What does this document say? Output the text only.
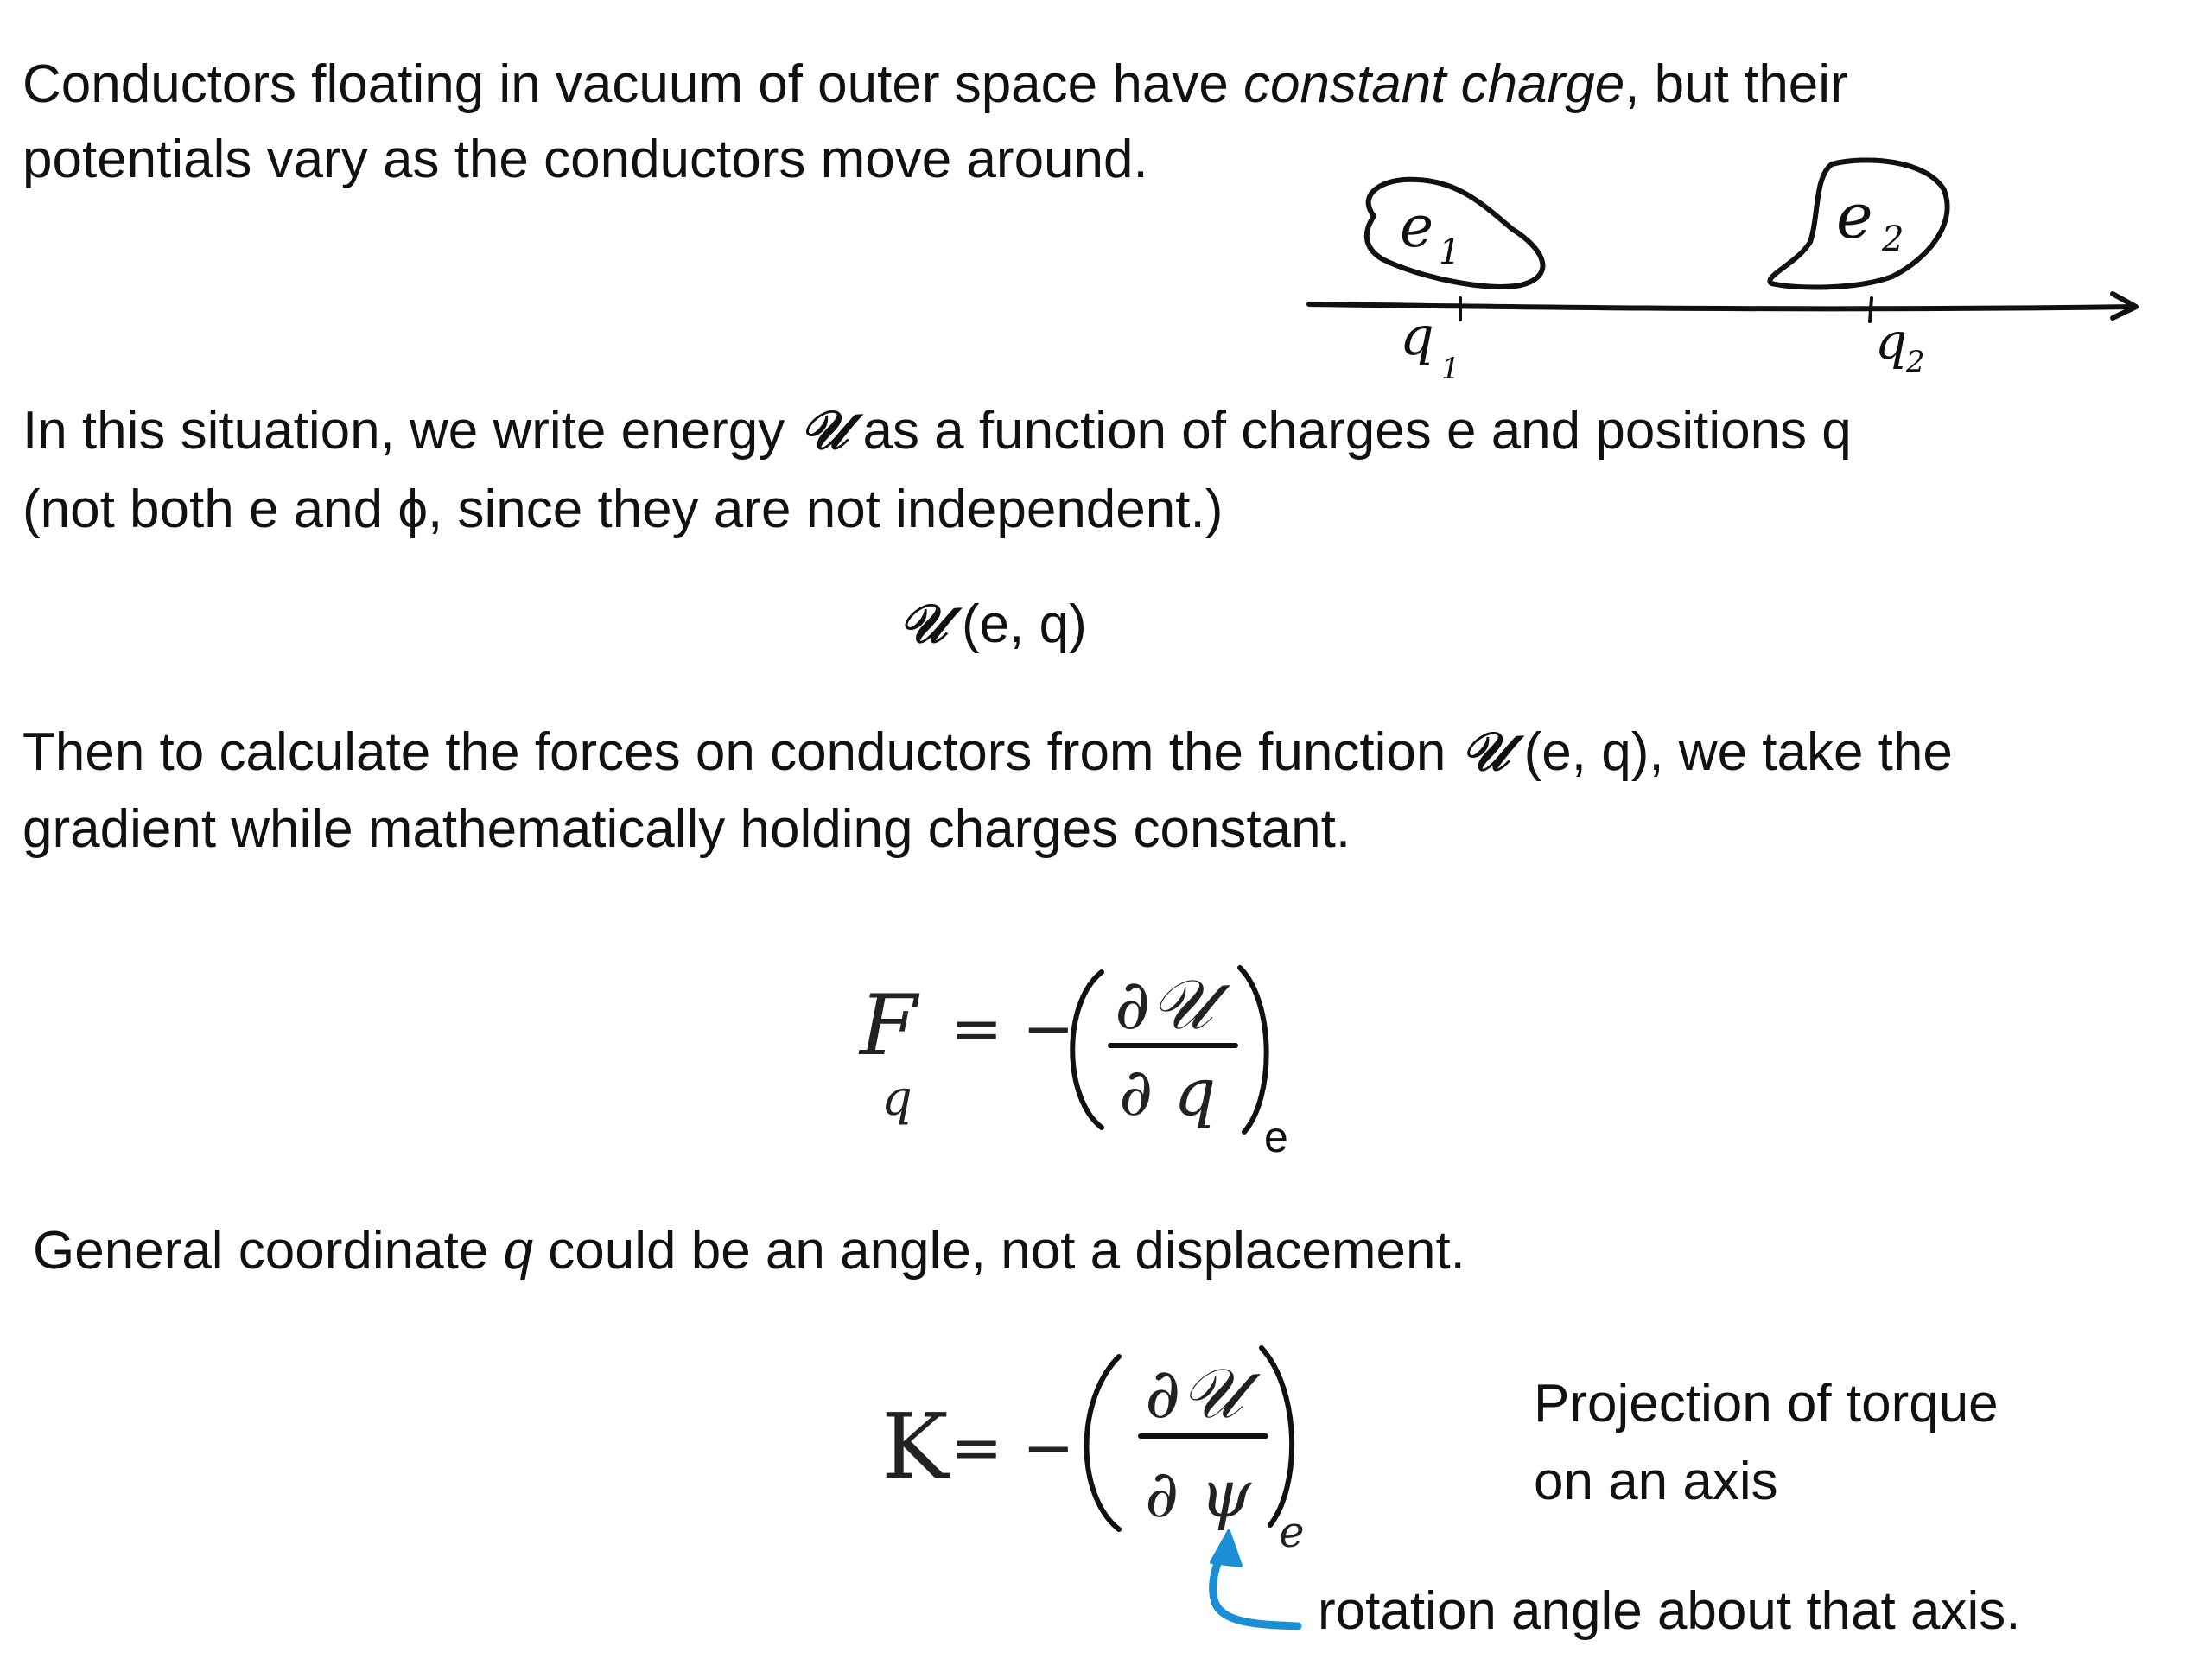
Conductors floating in vacuum of outer space have constant charge, but their

potentials vary as the conductors move around.

e 1	e 2
q
1	q
2
F
q
= − ∂𝒰
∂ q
e
K = −
∂𝒰
∂ ψ e

In this situation, we write energy 𝒰 as a function of charges e and positions q

(not both e and ϕ, since they are not independent.)

𝒰 (e, q)

Then to calculate the forces on conductors from the function 𝒰 (e, q), we take the

gradient while mathematically holding charges constant.

General coordinate q could be an angle, not a displacement.

Projection of torque

on an axis

rotation angle about that axis.
